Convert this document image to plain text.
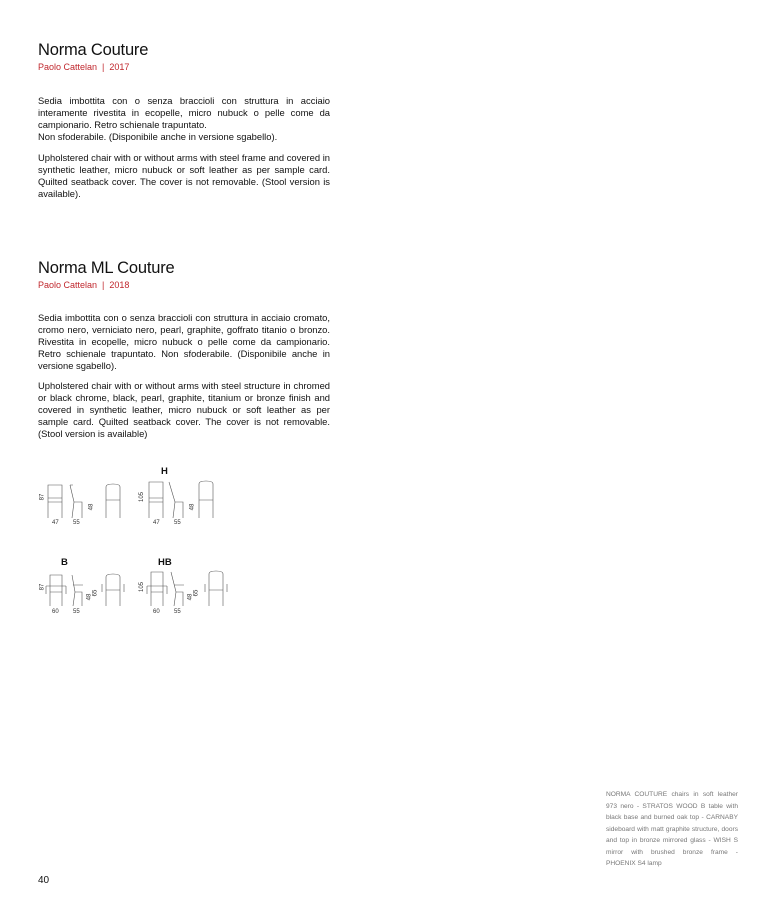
Norma Couture
Paolo Cattelan  |  2017

Sedia imbottita con o senza braccioli con struttura in acciaio interamente rivestita in ecopelle, micro nubuck o pelle come da campionario. Retro schienale trapuntato.
Non sfoderabile. (Disponibile anche in versione sgabello).

Upholstered chair with or without arms with steel frame and covered in synthetic leather, micro nubuck or soft leather as per sample card. Quilted seatback cover. The cover is not removable. (Stool version is available).

Norma ML Couture
Paolo Cattelan  |  2018

Sedia imbottita con o senza braccioli con struttura in acciaio cromato, cromo nero, verniciato nero, pearl, graphite, goffrato titanio o bronzo. Rivestita in ecopelle, micro nubuck o pelle come da campionario. Retro schienale trapuntato. Non sfoderabile. (Disponibile anche in versione sgabello).

Upholstered chair with or without arms with steel structure in chromed or black chrome, black, pearl, graphite, titanium or bronze finish and covered in synthetic leather, micro nubuck or soft leather as per sample card. Quilted seatback cover. The cover is not removable. (Stool version is available)

87
48
47 55
H
105
48
47 55
B
87
48
65
60 55
HB
105
48
65
60 55

NORMA COUTURE chairs in soft leather 973 nero - STRATOS WOOD B table with black base and burned oak top - CARNABY sideboard with matt graphite structure, doors and top in bronze mirrored glass - WISH S mirror with brushed bronze frame - PHOENIX S4 lamp

40
